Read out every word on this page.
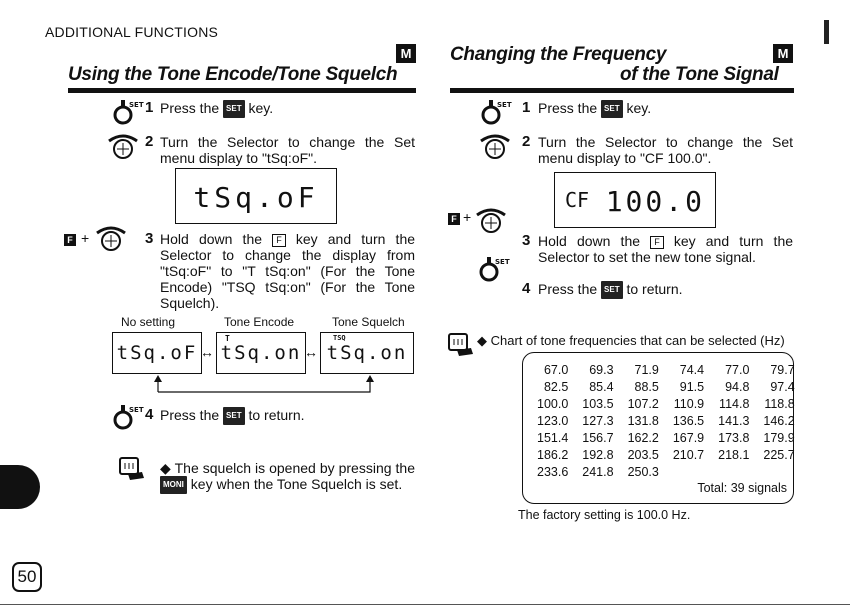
ADDITIONAL FUNCTIONS
M
Using the Tone Encode/Tone Squelch
SET 1 Press the SET key.
2 Turn the Selector to change the Set menu display to "tSq:oF".
tSq.oF
F +	3 Hold down the F key and turn the Selector to change the display from "tSq:oF" to "T tSq:on" (For the Tone Encode) "TSQ tSq:on" (For the Tone Squelch).
No setting	Tone Encode	Tone Squelch
tSq.oF ↔
T
tSq.on ↔
TSQ
tSq.on
SET 4 Press the SET to return.
◆ The squelch is opened by pressing the MONI key when the Tone Squelch is set.
Changing the Frequency	M
of the Tone Signal
SET 1 Press the SET key.
2 Turn the Selector to change the Set menu display to "CF 100.0".
CF 100.0
F +
3 Hold down the F key and turn the Selector to set the new tone signal.
SET
4 Press the SET to return.
◆ Chart of tone frequencies that can be selected (Hz)
67.0	69.3	71.9	74.4	77.0	79.7
82.5	85.4	88.5	91.5	94.8	97.4
100.0	103.5	107.2	110.9	114.8	118.8
123.0	127.3	131.8	136.5	141.3	146.2
151.4	156.7	162.2	167.9	173.8	179.9
186.2	192.8	203.5	210.7	218.1	225.7
233.6	241.8	250.3			
Total: 39 signals
The factory setting is 100.0 Hz.
50
